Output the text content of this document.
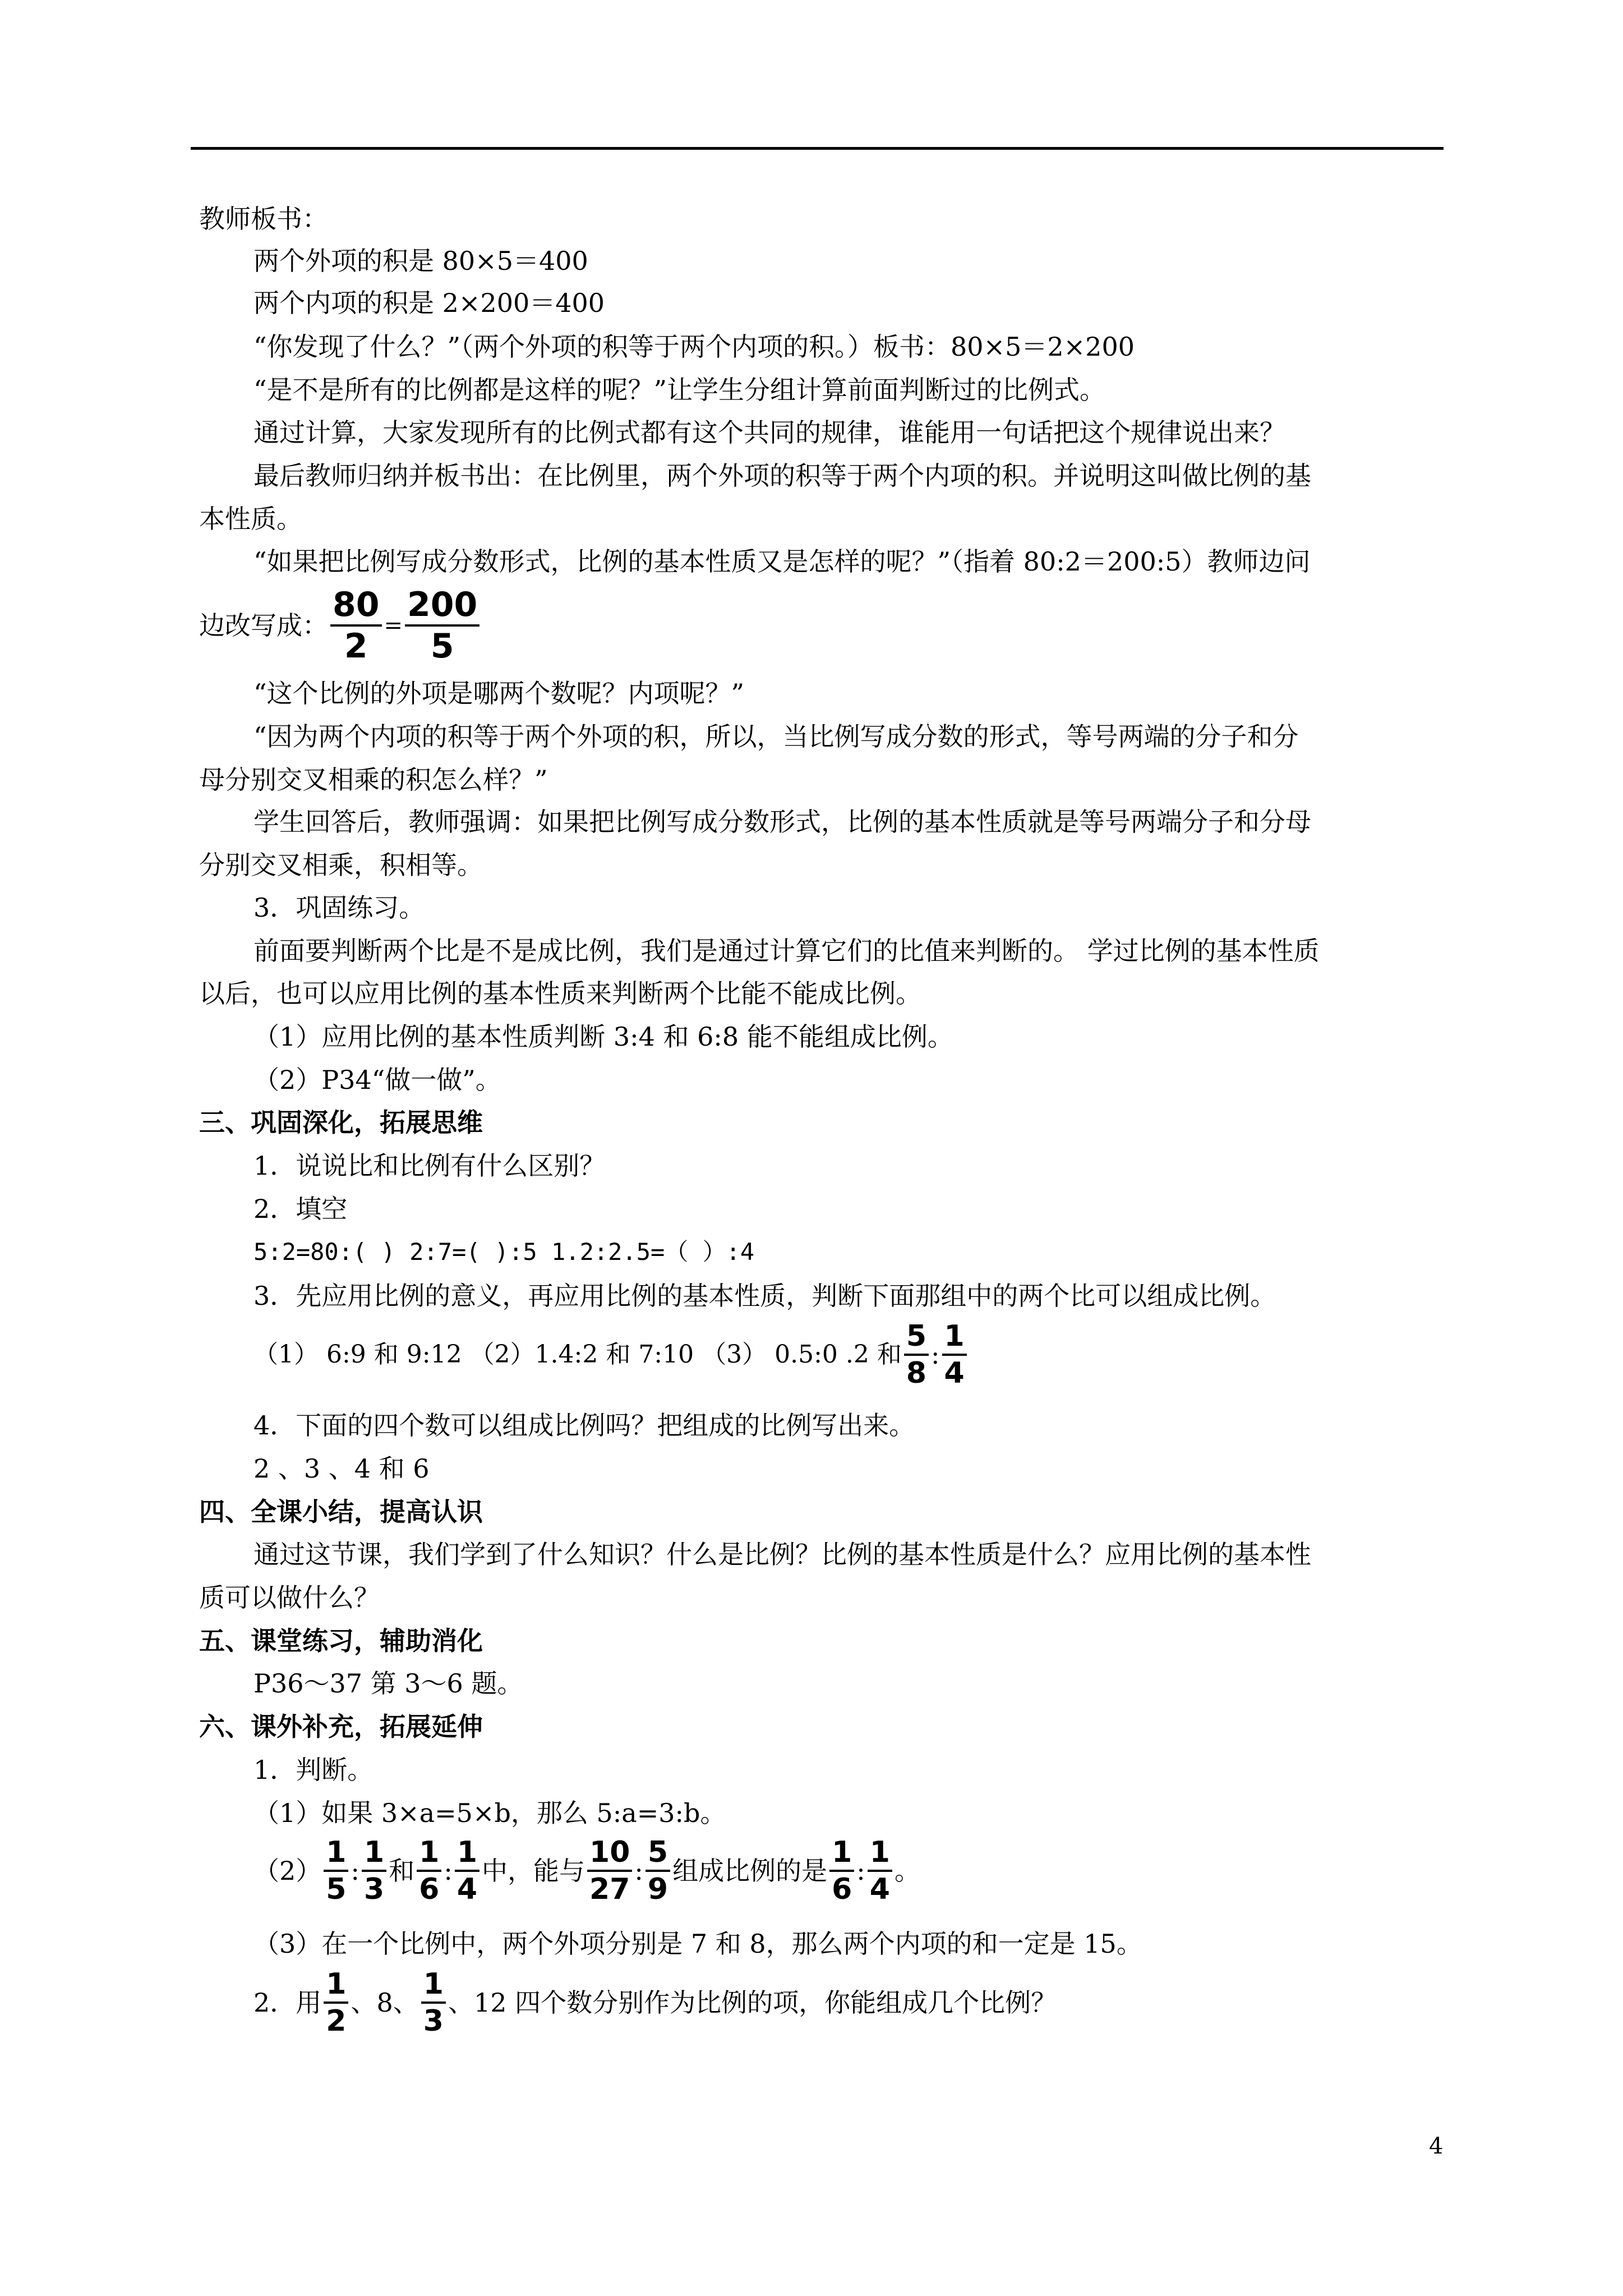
教师板书：
两个外项的积是 80×5＝400
两个内项的积是 2×200＝400
“你发现了什么？”（两个外项的积等于两个内项的积。）板书：80×5＝2×200
“是不是所有的比例都是这样的呢？”让学生分组计算前面判断过的比例式。
通过计算，大家发现所有的比例式都有这个共同的规律，谁能用一句话把这个规律说出来？
最后教师归纳并板书出：在比例里，两个外项的积等于两个内项的积。并说明这叫做比例的基
本性质。
“如果把比例写成分数形式，比例的基本性质又是怎样的呢？”（指着 80:2＝200:5）教师边问
边改写成： $\frac{80}{2} = \frac{200}{5}$
“这个比例的外项是哪两个数呢？内项呢？”
“因为两个内项的积等于两个外项的积，所以，当比例写成分数的形式，等号两端的分子和分
母分别交叉相乘的积怎么样？”
学生回答后，教师强调：如果把比例写成分数形式，比例的基本性质就是等号两端分子和分母
分别交叉相乘，积相等。
3．巩固练习。
前面要判断两个比是不是成比例，我们是通过计算它们的比值来判断的。 学过比例的基本性质
以后，也可以应用比例的基本性质来判断两个比能不能成比例。
（1）应用比例的基本性质判断 3:4 和 6:8 能不能组成比例。
（2）P34“做一做”。
三、巩固深化，拓展思维
1．说说比和比例有什么区别？
2．填空
5:2=80:( ) 2:7=( ):5 1.2:2.5=（ ）:4
3．先应用比例的意义，再应用比例的基本性质，判断下面那组中的两个比可以组成比例。
（1） 6:9 和 9:12 （2）1.4:2 和 7:10 （3） 0.5:0 .2 和 $\frac{5}{8}$ : $\frac{1}{4}$
4．下面的四个数可以组成比例吗？把组成的比例写出来。
2 、3 、4 和 6
四、全课小结，提高认识
通过这节课，我们学到了什么知识？什么是比例？比例的基本性质是什么？应用比例的基本性
质可以做什么？
五、课堂练习，辅助消化
P36～37 第 3～6 题。
六、课外补充，拓展延伸
1．判断。
（1）如果 3×a=5×b，那么 5:a=3:b。
$(2) \frac{1}{5}$ : $\frac{1}{3}$ 和 $\frac{1}{6}$ : $\frac{1}{4}$ 中，能与 $\frac{10}{27}$ : $\frac{5}{9}$ 组成比例的是 $\frac{1}{6}$ : $\frac{1}{4}$ 。
（3）在一个比例中，两个外项分别是 7 和 8，那么两个内项的和一定是 15。
2．用 $\frac{1}{2}$ 、8、 $\frac{1}{3}$ 、12 四个数分别作为比例的项，你能组成几个比例？
4
